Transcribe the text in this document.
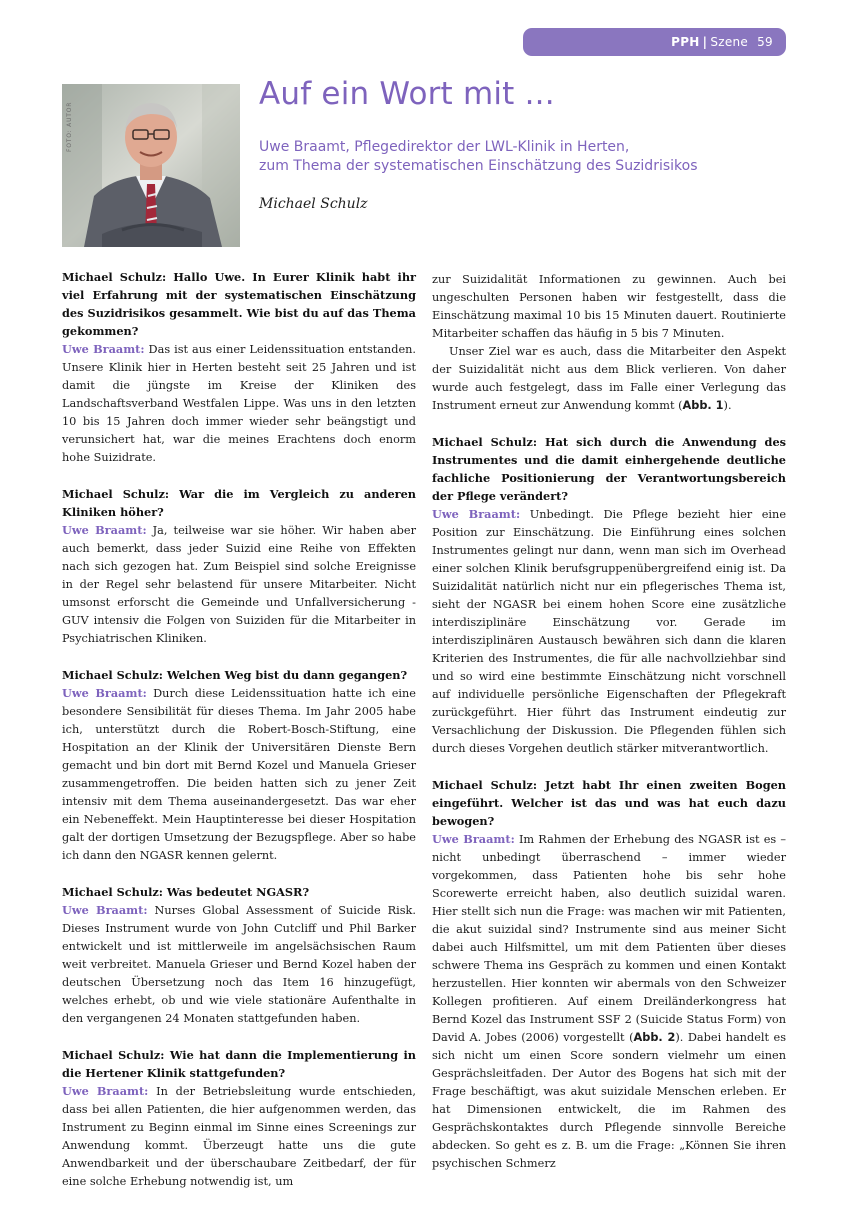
PPH | Szene 59
FOTO: AUTOR
Auf ein Wort mit ...
Uwe Braamt, Pflegedirektor der LWL-Klinik in Herten,
zum Thema der systematischen Einschätzung des Suzidrisikos
Michael Schulz

Michael Schulz: Hallo Uwe. In Eurer Klinik habt ihr viel Erfahrung mit der systematischen Einschätzung des Suzidrisikos gesammelt. Wie bist du auf das Thema gekommen?

Uwe Braamt: Das ist aus einer Leidenssituation entstanden. Unsere Klinik hier in Herten besteht seit 25 Jahren und ist damit die jüngste im Kreise der Kliniken des Landschaftsverband Westfalen Lippe. Was uns in den letzten 10 bis 15 Jahren doch immer wieder sehr beängstigt und verunsichert hat, war die meines Erachtens doch enorm hohe Suizidrate.

Michael Schulz: War die im Vergleich zu anderen Kliniken höher?

Uwe Braamt: Ja, teilweise war sie höher. Wir haben aber auch bemerkt, dass jeder Suizid eine Reihe von Effekten nach sich gezogen hat. Zum Beispiel sind solche Ereignisse in der Regel sehr belastend für unsere Mitarbeiter. Nicht umsonst erforscht die Gemeinde und Unfallversicherung - GUV intensiv die Folgen von Suiziden für die Mitarbeiter in Psychiatrischen Kliniken.

Michael Schulz: Welchen Weg bist du dann gegangen?

Uwe Braamt: Durch diese Leidenssituation hatte ich eine besondere Sensibilität für dieses Thema. Im Jahr 2005 habe ich, unterstützt durch die Robert-Bosch-Stiftung, eine Hospitation an der Klinik der Universitären Dienste Bern gemacht und bin dort mit Bernd Kozel und Manuela Grieser zusammengetroffen. Die beiden hatten sich zu jener Zeit intensiv mit dem Thema auseinandergesetzt. Das war eher ein Nebeneffekt. Mein Hauptinteresse bei dieser Hospitation galt der dortigen Umsetzung der Bezugspflege. Aber so habe ich dann den NGASR kennen gelernt.

Michael Schulz: Was bedeutet NGASR?

Uwe Braamt: Nurses Global Assessment of Suicide Risk. Dieses Instrument wurde von John Cutcliff und Phil Barker entwickelt und ist mittlerweile im angelsächsischen Raum weit verbreitet. Manuela Grieser und Bernd Kozel haben der deutschen Übersetzung noch das Item 16 hinzugefügt, welches erhebt, ob und wie viele stationäre Aufenthalte in den vergangenen 24 Monaten stattgefunden haben.

Michael Schulz: Wie hat dann die Implementierung in die Hertener Klinik stattgefunden?

Uwe Braamt: In der Betriebsleitung wurde entschieden, dass bei allen Patienten, die hier aufgenommen werden, das Instrument zu Beginn einmal im Sinne eines Screenings zur Anwendung kommt. Überzeugt hatte uns die gute Anwendbarkeit und der überschaubare Zeitbedarf, der für eine solche Erhebung notwendig ist, um

zur Suizidalität Informationen zu gewinnen. Auch bei ungeschulten Personen haben wir festgestellt, dass die Einschätzung maximal 10 bis 15 Minuten dauert. Routinierte Mitarbeiter schaffen das häufig in 5 bis 7 Minuten.

Unser Ziel war es auch, dass die Mitarbeiter den Aspekt der Suizidalität nicht aus dem Blick verlieren. Von daher wurde auch festgelegt, dass im Falle einer Verlegung das Instrument erneut zur Anwendung kommt (Abb. 1).

Michael Schulz: Hat sich durch die Anwendung des Instrumentes und die damit einhergehende deutliche fachliche Positionierung der Verantwortungsbereich der Pflege verändert?

Uwe Braamt: Unbedingt. Die Pflege bezieht hier eine Position zur Einschätzung. Die Einführung eines solchen Instrumentes gelingt nur dann, wenn man sich im Overhead einer solchen Klinik berufsgruppenübergreifend einig ist. Da Suizidalität natürlich nicht nur ein pflegerisches Thema ist, sieht der NGASR bei einem hohen Score eine zusätzliche interdisziplinäre Einschätzung vor. Gerade im interdisziplinären Austausch bewähren sich dann die klaren Kriterien des Instrumentes, die für alle nachvollziehbar sind und so wird eine bestimmte Einschätzung nicht vorschnell auf individuelle persönliche Eigenschaften der Pflegekraft zurückgeführt. Hier führt das Instrument eindeutig zur Versachlichung der Diskussion. Die Pflegenden fühlen sich durch dieses Vorgehen deutlich stärker mitverantwortlich.

Michael Schulz: Jetzt habt Ihr einen zweiten Bogen eingeführt. Welcher ist das und was hat euch dazu bewogen?

Uwe Braamt: Im Rahmen der Erhebung des NGASR ist es – nicht unbedingt überraschend – immer wieder vorgekommen, dass Patienten hohe bis sehr hohe Scorewerte erreicht haben, also deutlich suizidal waren. Hier stellt sich nun die Frage: was machen wir mit Patienten, die akut suizidal sind? Instrumente sind aus meiner Sicht dabei auch Hilfsmittel, um mit dem Patienten über dieses schwere Thema ins Gespräch zu kommen und einen Kontakt herzustellen. Hier konnten wir abermals von den Schweizer Kollegen profitieren. Auf einem Dreiländerkongress hat Bernd Kozel das Instrument SSF 2 (Suicide Status Form) von David A. Jobes (2006) vorgestellt (Abb. 2). Dabei handelt es sich nicht um einen Score sondern vielmehr um einen Gesprächsleitfaden. Der Autor des Bogens hat sich mit der Frage beschäftigt, was akut suizidale Menschen erleben. Er hat Dimensionen entwickelt, die im Rahmen des Gesprächskontaktes durch Pflegende sinnvolle Bereiche abdecken. So geht es z. B. um die Frage: „Können Sie ihren psychischen Schmerz
